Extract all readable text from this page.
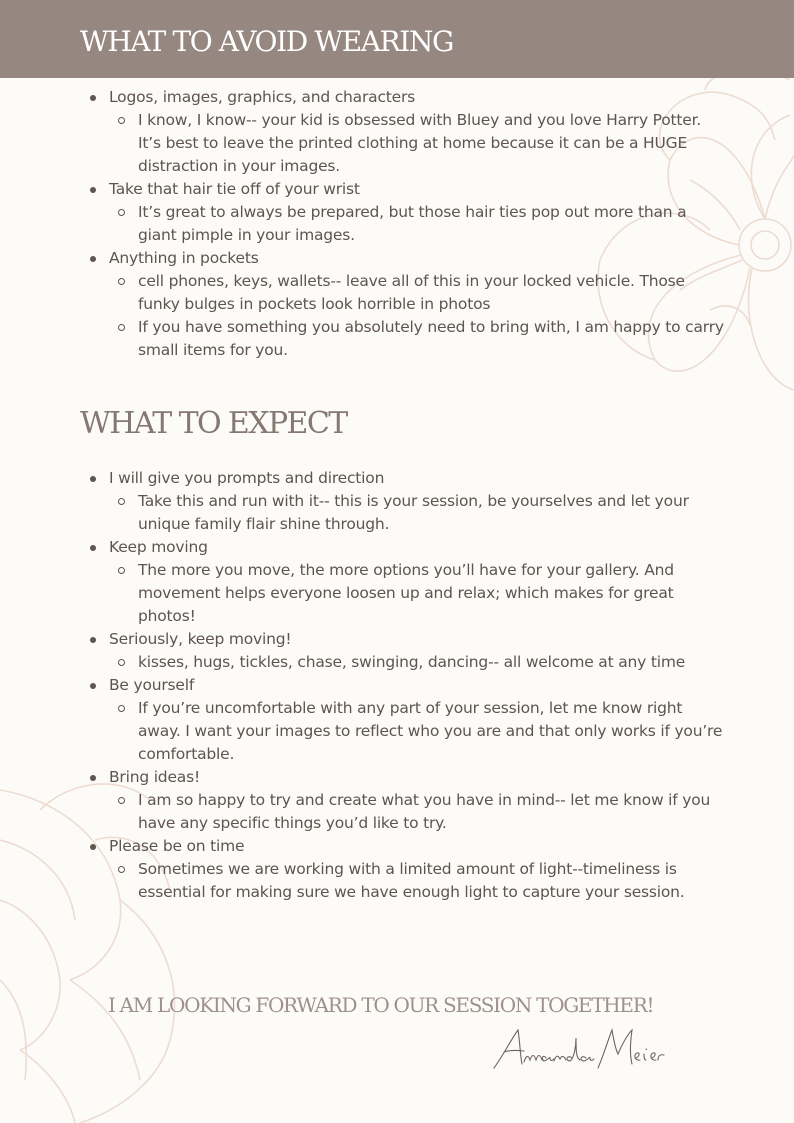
WHAT TO AVOID WEARING
Logos, images, graphics, and characters
I know, I know-- your kid is obsessed with Bluey and you love Harry Potter. It’s best to leave the printed clothing at home because it can be a HUGE distraction in your images.
Take that hair tie off of your wrist
It’s great to always be prepared, but those hair ties pop out more than a giant pimple in your images.
Anything in pockets
cell phones, keys, wallets-- leave all of this in your locked vehicle. Those funky bulges in pockets look horrible in photos
If you have something you absolutely need to bring with, I am happy to carry small items for you.
WHAT TO EXPECT
I will give you prompts and direction
Take this and run with it-- this is your session, be yourselves and let your unique family flair shine through.
Keep moving
The more you move, the more options you’ll have for your gallery. And movement helps everyone loosen up and relax; which makes for great photos!
Seriously, keep moving!
kisses, hugs, tickles, chase, swinging, dancing-- all welcome at any time
Be yourself
If you’re uncomfortable with any part of your session, let me know right away. I want your images to reflect who you are and that only works if you’re comfortable.
Bring ideas!
I am so happy to try and create what you have in mind-- let me know if you have any specific things you’d like to try.
Please be on time
Sometimes we are working with a limited amount of light--timeliness is essential for making sure we have enough light to capture your session.

I AM LOOKING FORWARD TO OUR SESSION TOGETHER!
